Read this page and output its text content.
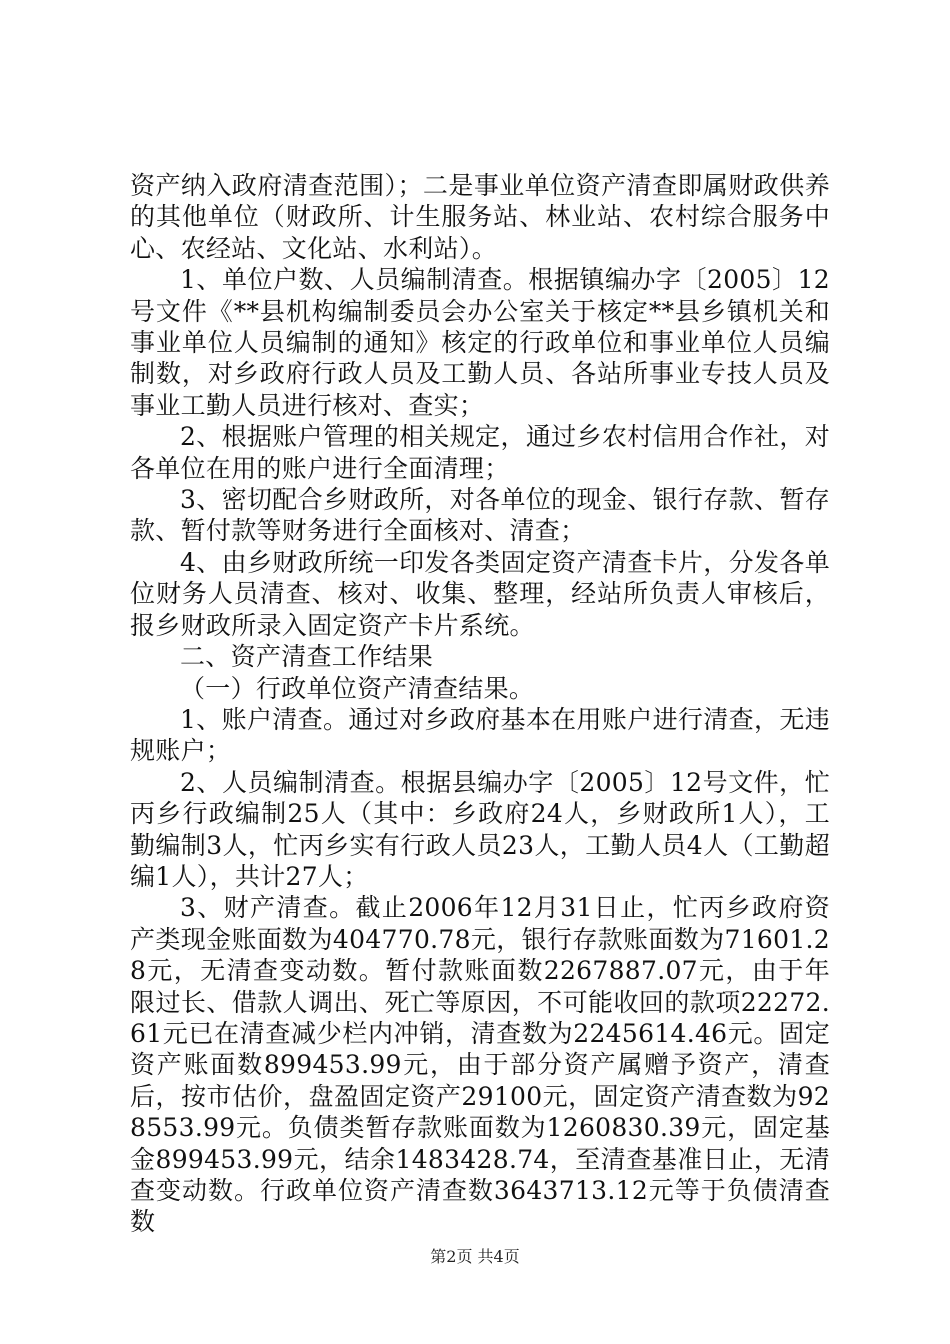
资产纳入政府清查范围）；二是事业单位资产清查即属财政供养的其他单位（财政所、计生服务站、林业站、农村综合服务中心、农经站、文化站、水利站）。

1、单位户数、人员编制清查。根据镇编办字〔2005〕12号文件《**县机构编制委员会办公室关于核定**县乡镇机关和事业单位人员编制的通知》核定的行政单位和事业单位人员编制数，对乡政府行政人员及工勤人员、各站所事业专技人员及事业工勤人员进行核对、查实；

2、根据账户管理的相关规定，通过乡农村信用合作社，对各单位在用的账户进行全面清理；

3、密切配合乡财政所，对各单位的现金、银行存款、暂存款、暂付款等财务进行全面核对、清查；

4、由乡财政所统一印发各类固定资产清查卡片，分发各单位财务人员清查、核对、收集、整理，经站所负责人审核后，报乡财政所录入固定资产卡片系统。

二、资产清查工作结果

（一）行政单位资产清查结果。

1、账户清查。通过对乡政府基本在用账户进行清查，无违规账户；

2、人员编制清查。根据县编办字〔2005〕12号文件，忙丙乡行政编制25人（其中：乡政府24人，乡财政所1人），工勤编制3人，忙丙乡实有行政人员23人，工勤人员4人（工勤超编1人），共计27人；

3、财产清查。截止2006年12月31日止，忙丙乡政府资产类现金账面数为404770.78元，银行存款账面数为71601.28元，无清查变动数。暂付款账面数2267887.07元，由于年限过长、借款人调出、死亡等原因，不可能收回的款项22272.61元已在清查减少栏内冲销，清查数为2245614.46元。固定资产账面数899453.99元，由于部分资产属赠予资产，清查后，按市估价，盘盈固定资产29100元，固定资产清查数为928553.99元。负债类暂存款账面数为1260830.39元，固定基金899453.99元，结余1483428.74，至清查基准日止，无清查变动数。行政单位资产清查数3643713.12元等于负债清查数

第2页 共4页
